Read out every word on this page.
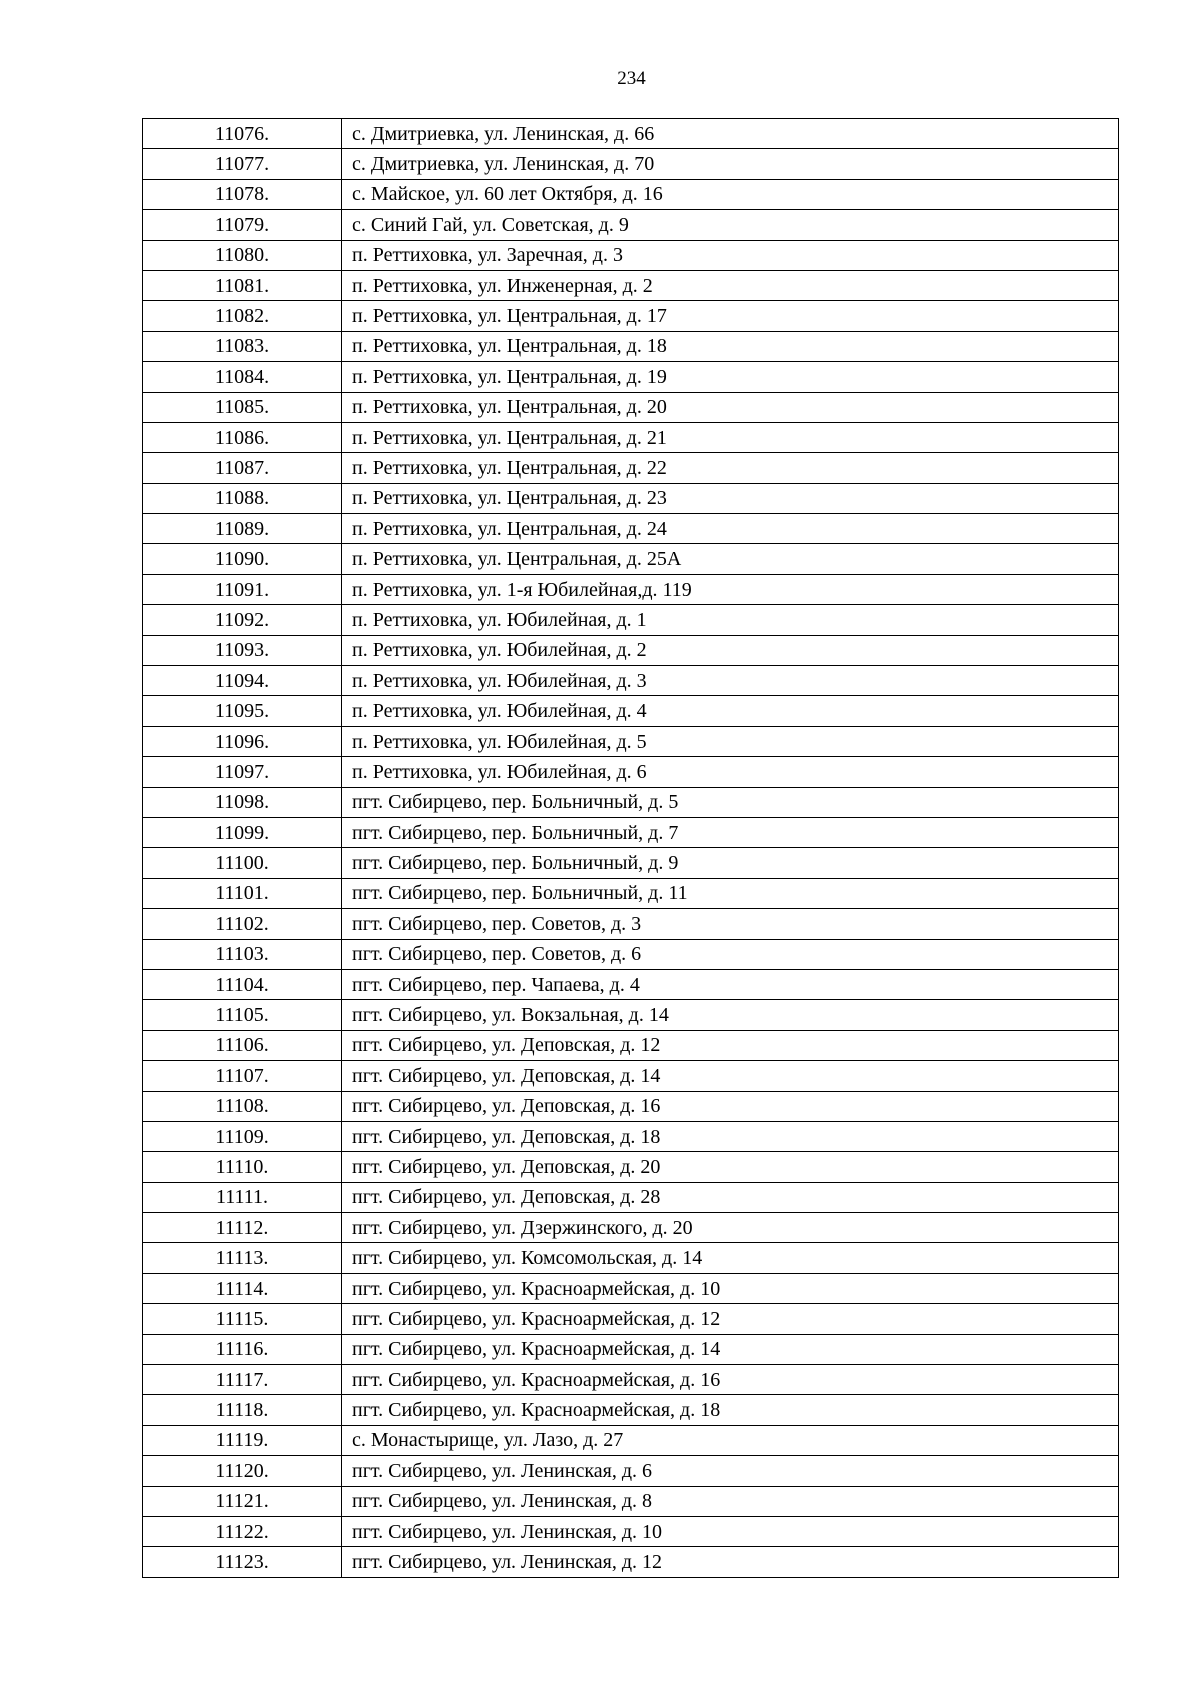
234
11076.	с. Дмитриевка, ул. Ленинская, д. 66
11077.	с. Дмитриевка, ул. Ленинская, д. 70
11078.	с. Майское, ул. 60 лет Октября, д. 16
11079.	с. Синий Гай, ул. Советская, д. 9
11080.	п. Реттиховка, ул. Заречная, д. 3
11081.	п. Реттиховка, ул. Инженерная, д. 2
11082.	п. Реттиховка, ул. Центральная, д. 17
11083.	п. Реттиховка, ул. Центральная, д. 18
11084.	п. Реттиховка, ул. Центральная, д. 19
11085.	п. Реттиховка, ул. Центральная, д. 20
11086.	п. Реттиховка, ул. Центральная, д. 21
11087.	п. Реттиховка, ул. Центральная, д. 22
11088.	п. Реттиховка, ул. Центральная, д. 23
11089.	п. Реттиховка, ул. Центральная, д. 24
11090.	п. Реттиховка, ул. Центральная, д. 25А
11091.	п. Реттиховка, ул. 1-я Юбилейная,д. 119
11092.	п. Реттиховка, ул. Юбилейная, д. 1
11093.	п. Реттиховка, ул. Юбилейная, д. 2
11094.	п. Реттиховка, ул. Юбилейная, д. 3
11095.	п. Реттиховка, ул. Юбилейная, д. 4
11096.	п. Реттиховка, ул. Юбилейная, д. 5
11097.	п. Реттиховка, ул. Юбилейная, д. 6
11098.	пгт. Сибирцево, пер. Больничный, д. 5
11099.	пгт. Сибирцево, пер. Больничный, д. 7
11100.	пгт. Сибирцево, пер. Больничный, д. 9
11101.	пгт. Сибирцево, пер. Больничный, д. 11
11102.	пгт. Сибирцево, пер. Советов, д. 3
11103.	пгт. Сибирцево, пер. Советов, д. 6
11104.	пгт. Сибирцево, пер. Чапаева, д. 4
11105.	пгт. Сибирцево, ул. Вокзальная, д. 14
11106.	пгт. Сибирцево, ул. Деповская, д. 12
11107.	пгт. Сибирцево, ул. Деповская, д. 14
11108.	пгт. Сибирцево, ул. Деповская, д. 16
11109.	пгт. Сибирцево, ул. Деповская, д. 18
11110.	пгт. Сибирцево, ул. Деповская, д. 20
11111.	пгт. Сибирцево, ул. Деповская, д. 28
11112.	пгт. Сибирцево, ул. Дзержинского, д. 20
11113.	пгт. Сибирцево, ул. Комсомольская, д. 14
11114.	пгт. Сибирцево, ул. Красноармейская, д. 10
11115.	пгт. Сибирцево, ул. Красноармейская, д. 12
11116.	пгт. Сибирцево, ул. Красноармейская, д. 14
11117.	пгт. Сибирцево, ул. Красноармейская, д. 16
11118.	пгт. Сибирцево, ул. Красноармейская, д. 18
11119.	с. Монастырище, ул. Лазо, д. 27
11120.	пгт. Сибирцево, ул. Ленинская, д. 6
11121.	пгт. Сибирцево, ул. Ленинская, д. 8
11122.	пгт. Сибирцево, ул. Ленинская, д. 10
11123.	пгт. Сибирцево, ул. Ленинская, д. 12
